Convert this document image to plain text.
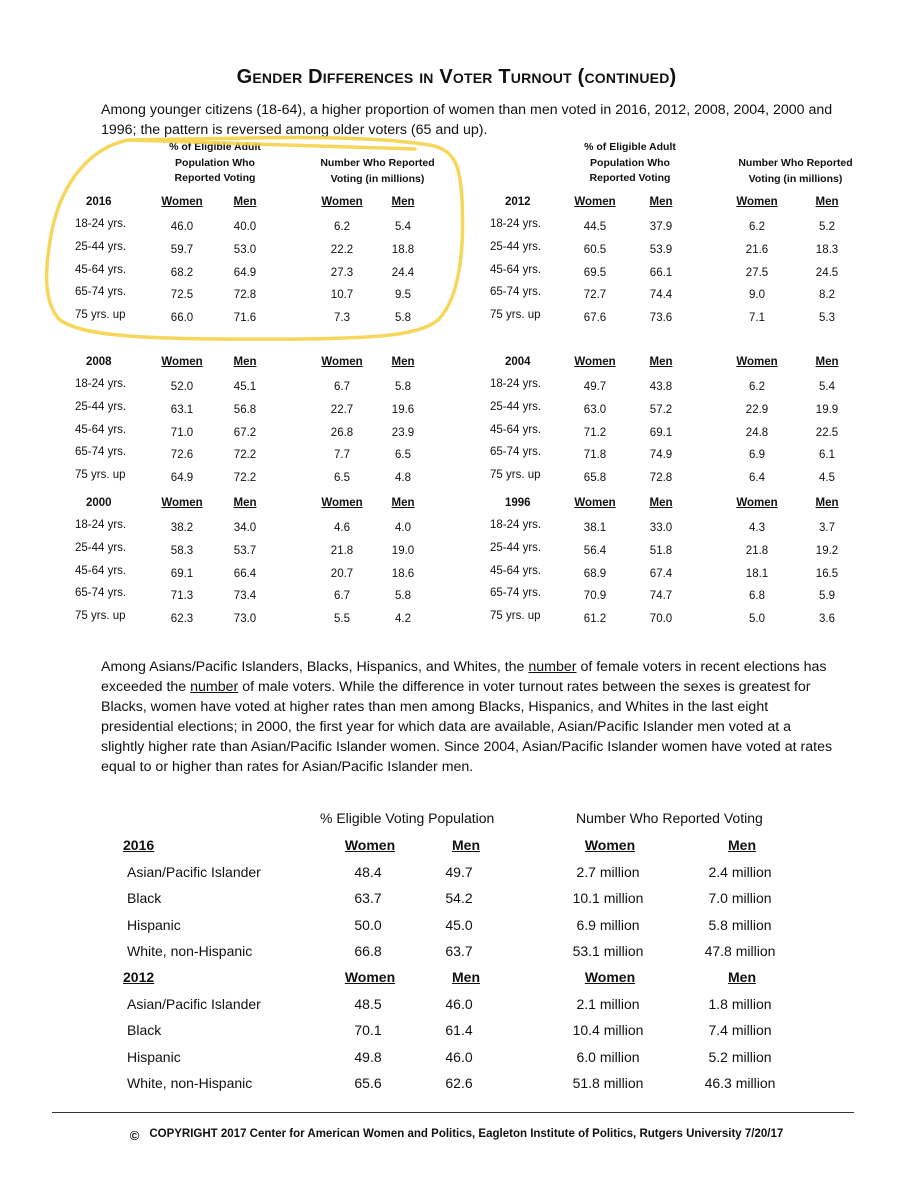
Gender Differences in Voter Turnout (continued)
Among younger citizens (18-64), a higher proportion of women than men voted in 2016, 2012, 2008, 2004, 2000 and 1996; the pattern is reversed among older voters (65 and up).
% of Eligible Adult Population Who Reported Voting
Number Who Reported Voting (in millions)
% of Eligible Adult Population Who Reported Voting
Number Who Reported Voting (in millions)
2016	Women	Men	Women	Men
18-24 yrs.	46.0	40.0	6.2	5.4
25-44 yrs.	59.7	53.0	22.2	18.8
45-64 yrs.	68.2	64.9	27.3	24.4
65-74 yrs.	72.5	72.8	10.7	9.5
75 yrs. up	66.0	71.6	7.3	5.8
2012	Women	Men	Women	Men
18-24 yrs.	44.5	37.9	6.2	5.2
25-44 yrs.	60.5	53.9	21.6	18.3
45-64 yrs.	69.5	66.1	27.5	24.5
65-74 yrs.	72.7	74.4	9.0	8.2
75 yrs. up	67.6	73.6	7.1	5.3
2008	Women	Men	Women	Men
18-24 yrs.	52.0	45.1	6.7	5.8
25-44 yrs.	63.1	56.8	22.7	19.6
45-64 yrs.	71.0	67.2	26.8	23.9
65-74 yrs.	72.6	72.2	7.7	6.5
75 yrs. up	64.9	72.2	6.5	4.8
2004	Women	Men	Women	Men
18-24 yrs.	49.7	43.8	6.2	5.4
25-44 yrs.	63.0	57.2	22.9	19.9
45-64 yrs.	71.2	69.1	24.8	22.5
65-74 yrs.	71.8	74.9	6.9	6.1
75 yrs. up	65.8	72.8	6.4	4.5
2000	Women	Men	Women	Men
18-24 yrs.	38.2	34.0	4.6	4.0
25-44 yrs.	58.3	53.7	21.8	19.0
45-64 yrs.	69.1	66.4	20.7	18.6
65-74 yrs.	71.3	73.4	6.7	5.8
75 yrs. up	62.3	73.0	5.5	4.2
1996	Women	Men	Women	Men
18-24 yrs.	38.1	33.0	4.3	3.7
25-44 yrs.	56.4	51.8	21.8	19.2
45-64 yrs.	68.9	67.4	18.1	16.5
65-74 yrs.	70.9	74.7	6.8	5.9
75 yrs. up	61.2	70.0	5.0	3.6
Among Asians/Pacific Islanders, Blacks, Hispanics, and Whites, the number of female voters in recent elections has exceeded the number of male voters. While the difference in voter turnout rates between the sexes is greatest for Blacks, women have voted at higher rates than men among Blacks, Hispanics, and Whites in the last eight presidential elections; in 2000, the first year for which data are available, Asian/Pacific Islander men voted at a slightly higher rate than Asian/Pacific Islander women. Since 2004, Asian/Pacific Islander women have voted at rates equal to or higher than rates for Asian/Pacific Islander men.
% Eligible Voting Population	Number Who Reported Voting
2016	Women	Men	Women	Men
Asian/Pacific Islander	48.4	49.7	2.7 million	2.4 million
Black	63.7	54.2	10.1 million	7.0 million
Hispanic	50.0	45.0	6.9 million	5.8 million
White, non-Hispanic	66.8	63.7	53.1 million	47.8 million
2012	Women	Men	Women	Men
Asian/Pacific Islander	48.5	46.0	2.1 million	1.8 million
Black	70.1	61.4	10.4 million	7.4 million
Hispanic	49.8	46.0	6.0 million	5.2 million
White, non-Hispanic	65.6	62.6	51.8 million	46.3 million
© COPYRIGHT 2017 Center for American Women and Politics, Eagleton Institute of Politics, Rutgers University 7/20/17
